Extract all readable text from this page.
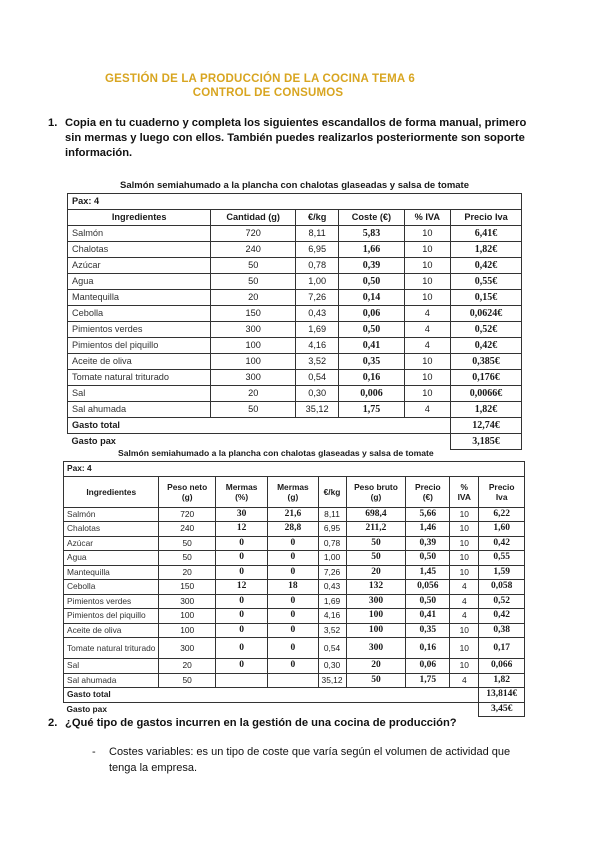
GESTIÓN DE LA PRODUCCIÓN DE LA COCINA TEMA 6
CONTROL DE CONSUMOS
1. Copia en tu cuaderno y completa los siguientes escandallos de forma manual, primero sin mermas y luego con ellos. También puedes realizarlos posteriormente son soporte información.
Salmón semiahumado a la plancha con chalotas glaseadas y salsa de tomate
Pax: 4					
Ingredientes	Cantidad (g)	€/kg	Coste (€)	% IVA	Precio Iva
Salmón	720	8,11	5,83	10	6,41€
Chalotas	240	6,95	1,66	10	1,82€
Azúcar	50	0,78	0,39	10	0,42€
Agua	50	1,00	0,50	10	0,55€
Mantequilla	20	7,26	0,14	10	0,15€
Cebolla	150	0,43	0,06	4	0,0624€
Pimientos verdes	300	1,69	0,50	4	0,52€
Pimientos del piquillo	100	4,16	0,41	4	0,42€
Aceite de oliva	100	3,52	0,35	10	0,385€
Tomate natural triturado	300	0,54	0,16	10	0,176€
Sal	20	0,30	0,006	10	0,0066€
Sal ahumada	50	35,12	1,75	4	1,82€
Gasto total					12,74€
Gasto pax					3,185€
Salmón semiahumado a la plancha con chalotas glaseadas y salsa de tomate
Pax: 4								
Ingredientes	Peso neto (g)	Mermas (%)	Mermas (g)	€/kg	Peso bruto (g)	Precio (€)	% IVA	Precio Iva
Salmón	720	30	21,6	8,11	698,4	5,66	10	6,22
Chalotas	240	12	28,8	6,95	211,2	1,46	10	1,60
Azúcar	50	0	0	0,78	50	0,39	10	0,42
Agua	50	0	0	1,00	50	0,50	10	0,55
Mantequilla	20	0	0	7,26	20	1,45	10	1,59
Cebolla	150	12	18	0,43	132	0,056	4	0,058
Pimientos verdes	300	0	0	1,69	300	0,50	4	0,52
Pimientos del piquillo	100	0	0	4,16	100	0,41	4	0,42
Aceite de oliva	100	0	0	3,52	100	0,35	10	0,38
Tomate natural triturado	300	0	0	0,54	300	0,16	10	0,17
Sal	20	0	0	0,30	20	0,06	10	0,066
Sal ahumada	50			35,12	50	1,75	4	1,82
Gasto total								13,814€
Gasto pax								3,45€
2. ¿Qué tipo de gastos incurren en la gestión de una cocina de producción?
- Costes variables: es un tipo de coste que varía según el volumen de actividad que tenga la empresa.
